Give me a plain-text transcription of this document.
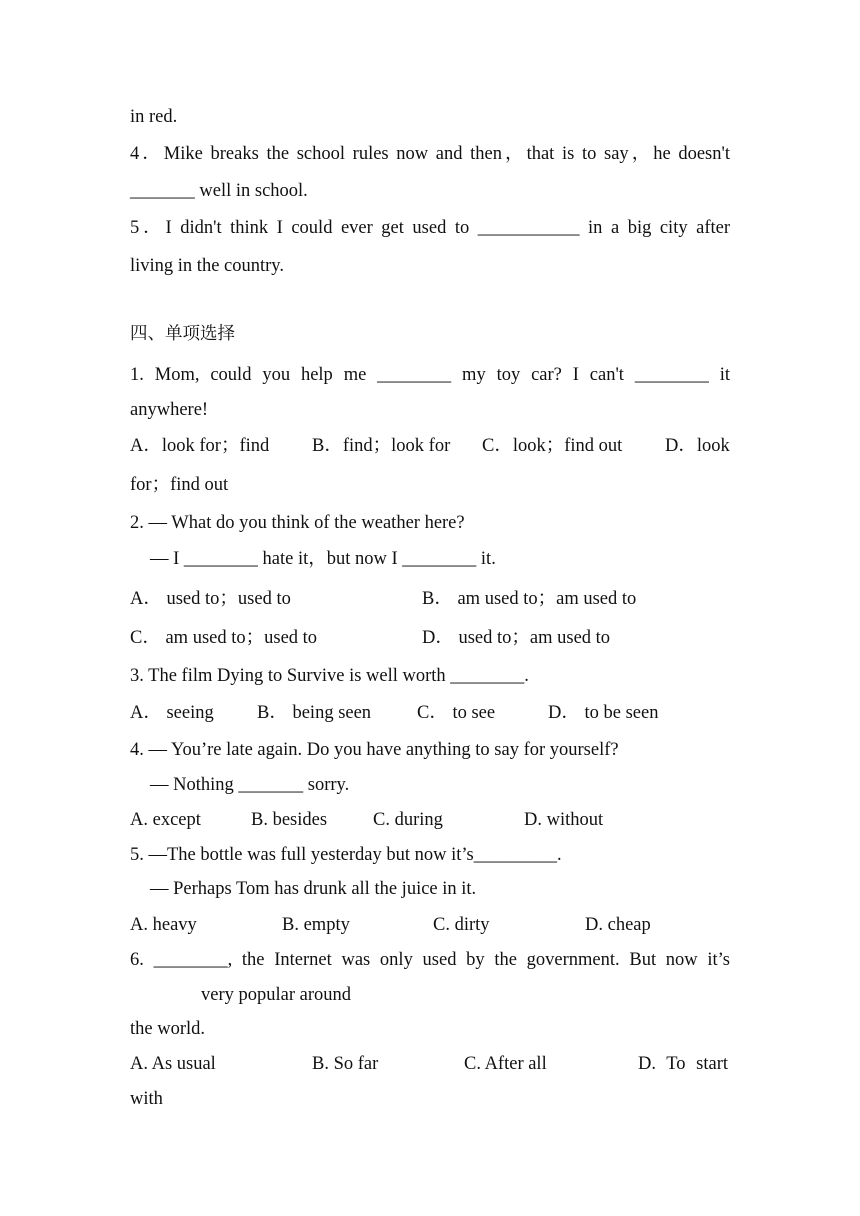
in red.
4．Mike breaks the school rules now and then，that is to say，he doesn't
_______ well in school.
5．I didn't think I could ever get used to ___________ in a big city after
living in the country.
四、单项选择
1. Mom, could you help me ________ my toy car? I can't ________ it
anywhere!
A．look for；find B．find；look for C．look；find out D．look
for；find out
2. — What do you think of the weather here?
— I ________ hate it，but now I ________ it.
A． used to；used to	B． am used to；am used to
C． am used to；used to	D． used to；am used to
3. The film Dying to Survive is well worth ________.
A． seeing B． being seen C． to see	D． to be seen
4. — You’re late again. Do you have anything to say for yourself?
— Nothing _______ sorry.
A. except	B. besides C. during	D. without
5. —The bottle was full yesterday but now it’s_________.
— Perhaps Tom has drunk all the juice in it.
A. heavy	B. empty	C. dirty	D. cheap
6. ________, the Internet was only used by the government. But now it’s
very popular around
the world.
A. As usual	B. So far	C. After all	D. To start
with
